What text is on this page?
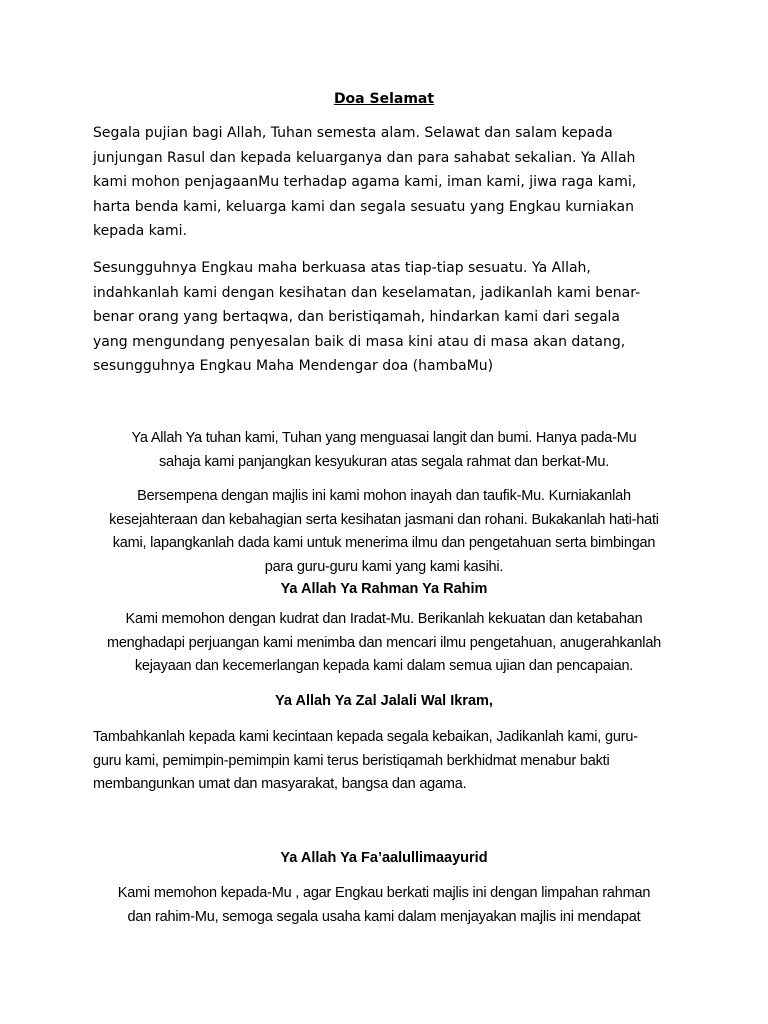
Doa Selamat

Segala pujian bagi Allah, Tuhan semesta alam. Selawat dan salam kepada
junjungan Rasul dan kepada keluarganya dan para sahabat sekalian. Ya Allah
kami mohon penjagaanMu terhadap agama kami, iman kami, jiwa raga kami,
harta benda kami, keluarga kami dan segala sesuatu yang Engkau kurniakan
kepada kami.

Sesungguhnya Engkau maha berkuasa atas tiap-tiap sesuatu. Ya Allah,
indahkanlah kami dengan kesihatan dan keselamatan, jadikanlah kami benar-
benar orang yang bertaqwa, dan beristiqamah, hindarkan kami dari segala
yang mengundang penyesalan baik di masa kini atau di masa akan datang,
sesungguhnya Engkau Maha Mendengar doa (hambaMu)

Ya Allah Ya tuhan kami, Tuhan yang menguasai langit dan bumi. Hanya pada-Mu
sahaja kami panjangkan kesyukuran atas segala rahmat dan berkat-Mu.

Bersempena dengan majlis ini kami mohon inayah dan taufik-Mu. Kurniakanlah
kesejahteraan dan kebahagian serta kesihatan jasmani dan rohani. Bukakanlah hati-hati
kami, lapangkanlah dada kami untuk menerima ilmu dan pengetahuan serta bimbingan
para guru-guru kami yang kami kasihi.

Ya Allah Ya Rahman Ya Rahim

Kami memohon dengan kudrat dan Iradat-Mu. Berikanlah kekuatan dan ketabahan
menghadapi perjuangan kami menimba dan mencari ilmu pengetahuan, anugerahkanlah
kejayaan dan kecemerlangan kepada kami dalam semua ujian dan pencapaian.

Ya Allah Ya Zal Jalali Wal Ikram,

Tambahkanlah kepada kami kecintaan kepada segala kebaikan, Jadikanlah kami, guru-
guru kami, pemimpin-pemimpin kami terus beristiqamah berkhidmat menabur bakti
membangunkan umat dan masyarakat, bangsa dan agama.

Ya Allah Ya Fa’aalullimaayurid

Kami memohon kepada-Mu , agar Engkau berkati majlis ini dengan limpahan rahman
dan rahim-Mu, semoga segala usaha kami dalam menjayakan majlis ini mendapat
